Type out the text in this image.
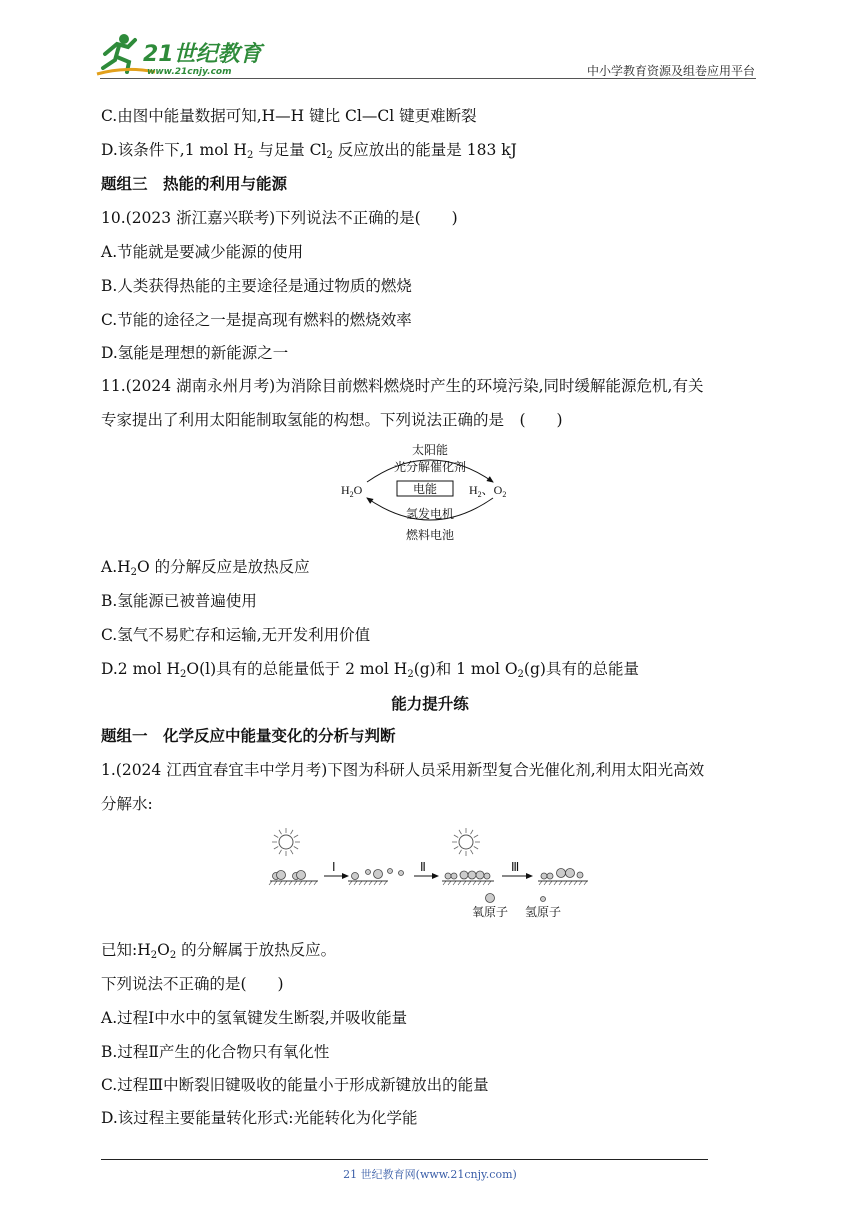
21世纪教育
www.21cnjy.com	中小学教育资源及组卷应用平台
C.由图中能量数据可知,H—H 键比 Cl—Cl 键更难断裂
D.该条件下,1 mol $H_2$ 与足量 $Cl_2$ 反应放出的能量是 183 kJ
题组三　热能的利用与能源
10.(2023 浙江嘉兴联考)下列说法不正确的是(　　)
A.节能就是要减少能源的使用
B.人类获得热能的主要途径是通过物质的燃烧
C.节能的途径之一是提高现有燃料的燃烧效率
D.氢能是理想的新能源之一
11.(2024 湖南永州月考)为消除目前燃料燃烧时产生的环境污染,同时缓解能源危机,有关
专家提出了利用太阳能制取氢能的构想。下列说法正确的是　(　　)
太阳能
光分解催化剂
电能
$H_2O$	$H_2$、$O_2$
氢发电机
燃料电池
$A.H_2O$ 的分解反应是放热反应
B.氢能源已被普遍使用
C.氢气不易贮存和运输,无开发利用价值
D.2 mol $H_2O(l)$具有的总能量低于 2 mol $H_2(g)$和 1 mol $O_2(g)$具有的总能量
能力提升练
题组一　化学反应中能量变化的分析与判断
1.(2024 江西宜春宜丰中学月考)下图为科研人员采用新型复合光催化剂,利用太阳光高效
分解水:
Ⅰ	Ⅱ	Ⅲ
氧原子 氢原子
已知$:H_2O_2$ 的分解属于放热反应。
下列说法不正确的是(　　)
A.过程Ⅰ中水中的氢氧键发生断裂,并吸收能量
B.过程Ⅱ产生的化合物只有氧化性
C.过程Ⅲ中断裂旧键吸收的能量小于形成新键放出的能量
D.该过程主要能量转化形式:光能转化为化学能
21 世纪教育网(www.21cnjy.com)
